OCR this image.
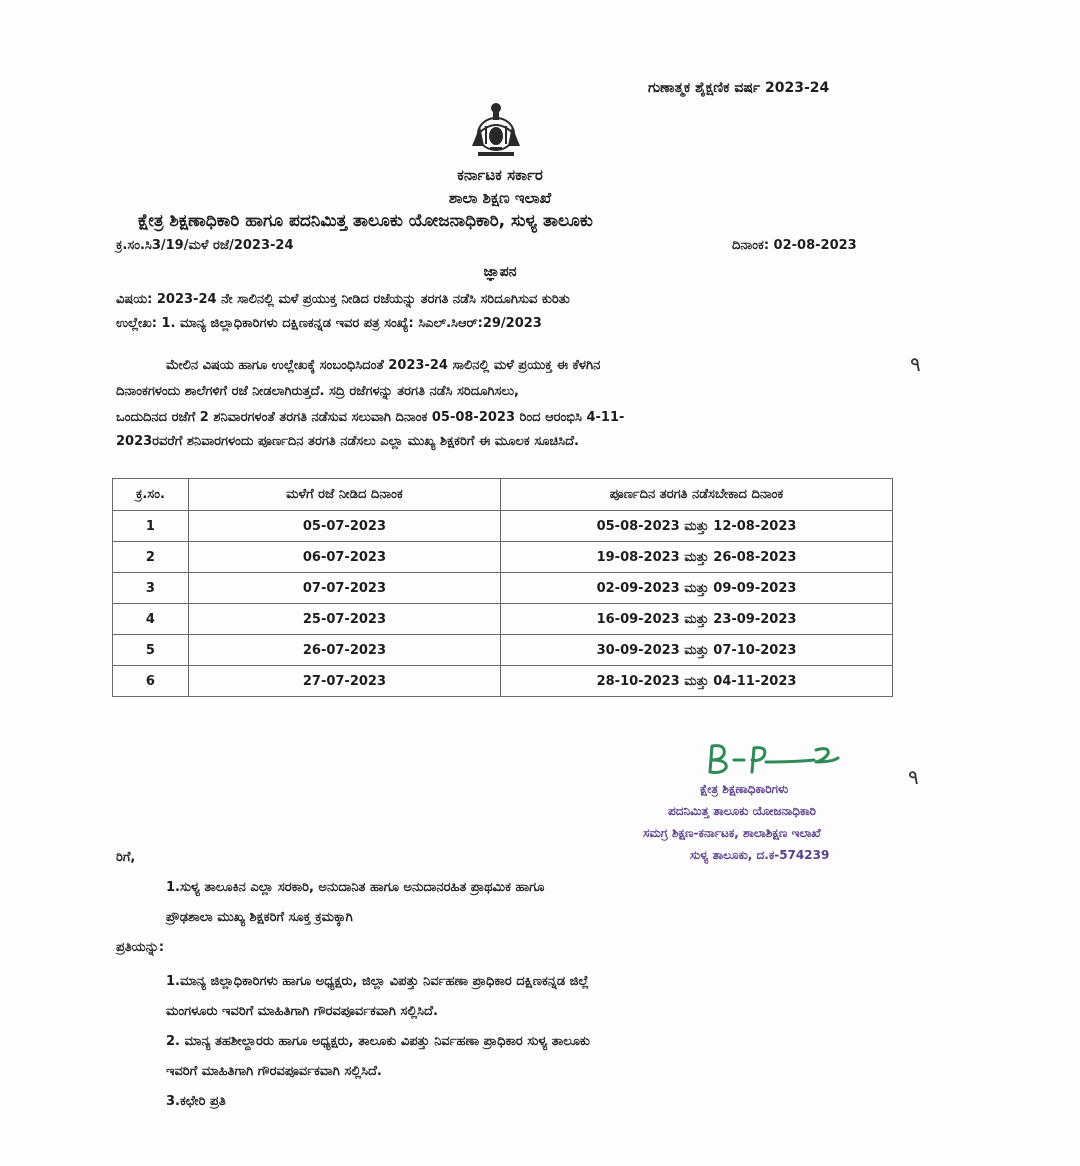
ಗುಣಾತ್ಮಕ ಶೈಕ್ಷಣಿಕ ವರ್ಷ 2023-24
ಕರ್ನಾಟಕ ಸರ್ಕಾರ
ಶಾಲಾ ಶಿಕ್ಷಣ ಇಲಾಖೆ
ಕ್ಷೇತ್ರ ಶಿಕ್ಷಣಾಧಿಕಾರಿ ಹಾಗೂ ಪದನಿಮಿತ್ತ ತಾಲೂಕು ಯೋಜನಾಧಿಕಾರಿ, ಸುಳ್ಯ ತಾಲೂಕು
ಕ್ರ.ಸಂ.ಸಿ3/19/ಮಳೆ ರಜೆ/2023-24	ದಿನಾಂಕ: 02-08-2023
ಜ್ಞಾಪನ
ವಿಷಯ: 2023-24 ನೇ ಸಾಲಿನಲ್ಲಿ ಮಳೆ ಪ್ರಯುಕ್ತ ನೀಡಿದ ರಜೆಯನ್ನು ತರಗತಿ ನಡೆಸಿ ಸರಿದೂಗಿಸುವ ಕುರಿತು
ಉಲ್ಲೇಖ: 1. ಮಾನ್ಯ ಜಿಲ್ಲಾಧಿಕಾರಿಗಳು ದಕ್ಷಿಣಕನ್ನಡ ಇವರ ಪತ್ರ ಸಂಖ್ಯೆ: ಸಿಎಲ್.ಸಿಆರ್:29/2023
ಮೇಲಿನ ವಿಷಯ ಹಾಗೂ ಉಲ್ಲೇಖಕ್ಕೆ ಸಂಬಂಧಿಸಿದಂತೆ 2023-24 ಸಾಲಿನಲ್ಲಿ ಮಳೆ ಪ್ರಯುಕ್ತ ಈ ಕೆಳಗಿನ
ದಿನಾಂಕಗಳಂದು ಶಾಲೆಗಳಿಗೆ ರಜೆ ನೀಡಲಾಗಿರುತ್ತದೆ. ಸದ್ರಿ ರಜೆಗಳನ್ನು ತರಗತಿ ನಡೆಸಿ ಸರಿದೂಗಿಸಲು,
ಒಂದುದಿನದ ರಜೆಗೆ 2 ಶನಿವಾರಗಳಂತೆ ತರಗತಿ ನಡೆಸುವ ಸಲುವಾಗಿ ದಿನಾಂಕ 05-08-2023 ರಿಂದ ಆರಂಭಿಸಿ 4-11-
2023ರವರೆಗೆ ಶನಿವಾರಗಳಂದು ಪೂರ್ಣದಿನ ತರಗತಿ ನಡೆಸಲು ಎಲ್ಲಾ ಮುಖ್ಯ ಶಿಕ್ಷಕರಿಗೆ ಈ ಮೂಲಕ ಸೂಚಿಸಿದೆ.
٩
ಕ್ರ.ಸಂ.	ಮಳೆಗೆ ರಜೆ ನೀಡಿದ ದಿನಾಂಕ	ಪೂರ್ಣದಿನ ತರಗತಿ ನಡೆಸಬೇಕಾದ ದಿನಾಂಕ
1	05-07-2023	05-08-2023 ಮತ್ತು 12-08-2023
2	06-07-2023	19-08-2023 ಮತ್ತು 26-08-2023
3	07-07-2023	02-09-2023 ಮತ್ತು 09-09-2023
4	25-07-2023	16-09-2023 ಮತ್ತು 23-09-2023
5	26-07-2023	30-09-2023 ಮತ್ತು 07-10-2023
6	27-07-2023	28-10-2023 ಮತ್ತು 04-11-2023
ಕ್ಷೇತ್ರ ಶಿಕ್ಷಣಾಧಿಕಾರಿಗಳು
ಪದನಿಮಿತ್ತ ತಾಲೂಕು ಯೋಜನಾಧಿಕಾರಿ
ಸಮಗ್ರ ಶಿಕ್ಷಣ-ಕರ್ನಾಟಕ, ಶಾಲಾಶಿಕ್ಷಣ ಇಲಾಖೆ
ಸುಳ್ಯ ತಾಲೂಕು, ದ.ಕ-574239
٩
ರಿಗೆ,
1.ಸುಳ್ಯ ತಾಲೂಕಿನ ಎಲ್ಲಾ ಸರಕಾರಿ, ಅನುದಾನಿತ ಹಾಗೂ ಅನುದಾನರಹಿತ ಪ್ರಾಥಮಿಕ ಹಾಗೂ
ಪ್ರೌಢಶಾಲಾ ಮುಖ್ಯ ಶಿಕ್ಷಕರಿಗೆ ಸೂಕ್ತ ಕ್ರಮಕ್ಕಾಗಿ
ಪ್ರತಿಯನ್ನು:
1.ಮಾನ್ಯ ಜಿಲ್ಲಾಧಿಕಾರಿಗಳು ಹಾಗೂ ಅಧ್ಯಕ್ಷರು, ಜಿಲ್ಲಾ ವಿಪತ್ತು ನಿರ್ವಹಣಾ ಪ್ರಾಧಿಕಾರ ದಕ್ಷಿಣಕನ್ನಡ ಜಿಲ್ಲೆ
ಮಂಗಳೂರು ಇವರಿಗೆ ಮಾಹಿತಿಗಾಗಿ ಗೌರವಪೂರ್ವಕವಾಗಿ ಸಲ್ಲಿಸಿದೆ.
2. ಮಾನ್ಯ ತಹಶೀಲ್ದಾರರು ಹಾಗೂ ಅಧ್ಯಕ್ಷರು, ತಾಲೂಕು ವಿಪತ್ತು ನಿರ್ವಹಣಾ ಪ್ರಾಧಿಕಾರ ಸುಳ್ಯ ತಾಲೂಕು
ಇವರಿಗೆ ಮಾಹಿತಿಗಾಗಿ ಗೌರವಪೂರ್ವಕವಾಗಿ ಸಲ್ಲಿಸಿದೆ.
3.ಕಛೇರಿ ಪ್ರತಿ
